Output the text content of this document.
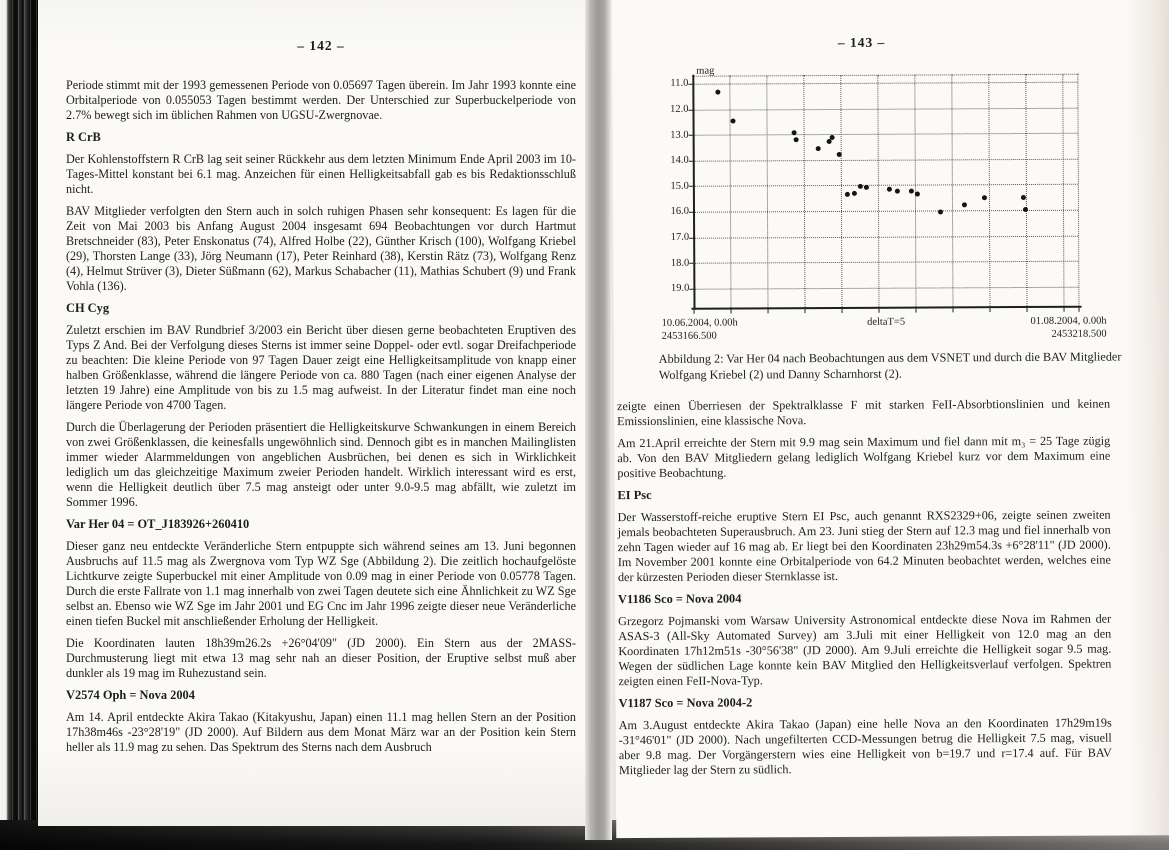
– 142 –

Periode stimmt mit der 1993 gemessenen Periode von 0.05697 Tagen überein. Im Jahr 1993 konnte eine Orbitalperiode von 0.055053 Tagen bestimmt werden. Der Unterschied zur Superbuckelperiode von 2.7% bewegt sich im üblichen Rahmen von UGSU-Zwergnovae.

R CrB

Der Kohlenstoffstern R CrB lag seit seiner Rückkehr aus dem letzten Minimum Ende April 2003 im 10-Tages-Mittel konstant bei 6.1 mag. Anzeichen für einen Helligkeitsabfall gab es bis Redaktionsschluß nicht.

BAV Mitglieder verfolgten den Stern auch in solch ruhigen Phasen sehr konsequent: Es lagen für die Zeit von Mai 2003 bis Anfang August 2004 insgesamt 694 Beobachtungen vor durch Hartmut Bretschneider (83), Peter Enskonatus (74), Alfred Holbe (22), Günther Krisch (100), Wolfgang Kriebel (29), Thorsten Lange (33), Jörg Neumann (17), Peter Reinhard (38), Kerstin Rätz (73), Wolfgang Renz (4), Helmut Strüver (3), Dieter Süßmann (62), Markus Schabacher (11), Mathias Schubert (9) und Frank Vohla (136).

CH Cyg

Zuletzt erschien im BAV Rundbrief 3/2003 ein Bericht über diesen gerne beobachteten Eruptiven des Typs Z And. Bei der Verfolgung dieses Sterns ist immer seine Doppel- oder evtl. sogar Dreifachperiode zu beachten: Die kleine Periode von 97 Tagen Dauer zeigt eine Helligkeitsamplitude von knapp einer halben Größenklasse, während die längere Periode von ca. 880 Tagen (nach einer eigenen Analyse der letzten 19 Jahre) eine Amplitude von bis zu 1.5 mag aufweist. In der Literatur findet man eine noch längere Periode von 4700 Tagen.

Durch die Überlagerung der Perioden präsentiert die Helligkeitskurve Schwankungen in einem Bereich von zwei Größenklassen, die keinesfalls ungewöhnlich sind. Dennoch gibt es in manchen Mailinglisten immer wieder Alarmmeldungen von angeblichen Ausbrüchen, bei denen es sich in Wirklichkeit lediglich um das gleichzeitige Maximum zweier Perioden handelt. Wirklich interessant wird es erst, wenn die Helligkeit deutlich über 7.5 mag ansteigt oder unter 9.0-9.5 mag abfällt, wie zuletzt im Sommer 1996.

Var Her 04 = OT_J183926+260410

Dieser ganz neu entdeckte Veränderliche Stern entpuppte sich während seines am 13. Juni begonnen Ausbruchs auf 11.5 mag als Zwergnova vom Typ WZ Sge (Abbildung 2). Die zeitlich hochaufgelöste Lichtkurve zeigte Superbuckel mit einer Amplitude von 0.09 mag in einer Periode von 0.05778 Tagen. Durch die erste Fallrate von 1.1 mag innerhalb von zwei Tagen deutete sich eine Ähnlichkeit zu WZ Sge selbst an. Ebenso wie WZ Sge im Jahr 2001 und EG Cnc im Jahr 1996 zeigte dieser neue Veränderliche einen tiefen Buckel mit anschließender Erholung der Helligkeit.

Die Koordinaten lauten 18h39m26.2s +26°04'09" (JD 2000). Ein Stern aus der 2MASS-Durchmusterung liegt mit etwa 13 mag sehr nah an dieser Position, der Eruptive selbst muß aber dunkler als 19 mag im Ruhezustand sein.

V2574 Oph = Nova 2004

Am 14. April entdeckte Akira Takao (Kitakyushu, Japan) einen 11.1 mag hellen Stern an der Position 17h38m46s -23°28'19" (JD 2000). Auf Bildern aus dem Monat März war an der Position kein Stern heller als 11.9 mag zu sehen. Das Spektrum des Sterns nach dem Ausbruch

– 143 –
mag
10.06.2004, 0.00h
2453166.500
deltaT=5	01.08.2004, 0.00h
2453218.500
11.0
12.0
13.0
14.0
15.0
16.0
17.0
18.0
19.0
Abbildung 2: Var Her 04 nach Beobachtungen aus dem VSNET und durch die BAV Mitglieder Wolfgang Kriebel (2) und Danny Scharnhorst (2).

zeigte einen Überriesen der Spektralklasse F mit starken FeII-Absorbtionslinien und keinen Emissionslinien, eine klassische Nova.

Am 21.April erreichte der Stern mit 9.9 mag sein Maximum und fiel dann mit m₃ = 25 Tage zügig ab. Von den BAV Mitgliedern gelang lediglich Wolfgang Kriebel kurz vor dem Maximum eine positive Beobachtung.

EI Psc

Der Wasserstoff-reiche eruptive Stern EI Psc, auch genannt RXS2329+06, zeigte seinen zweiten jemals beobachteten Superausbruch. Am 23. Juni stieg der Stern auf 12.3 mag und fiel innerhalb von zehn Tagen wieder auf 16 mag ab. Er liegt bei den Koordinaten 23h29m54.3s +6°28'11" (JD 2000). Im November 2001 konnte eine Orbitalperiode von 64.2 Minuten beobachtet werden, welches eine der kürzesten Perioden dieser Sternklasse ist.

V1186 Sco = Nova 2004

Grzegorz Pojmanski vom Warsaw University Astronomical entdeckte diese Nova im Rahmen der ASAS-3 (All-Sky Automated Survey) am 3.Juli mit einer Helligkeit von 12.0 mag an den Koordinaten 17h12m51s -30°56'38" (JD 2000). Am 9.Juli erreichte die Helligkeit sogar 9.5 mag. Wegen der südlichen Lage konnte kein BAV Mitglied den Helligkeitsverlauf verfolgen. Spektren zeigten einen FeII-Nova-Typ.

V1187 Sco = Nova 2004-2

Am 3.August entdeckte Akira Takao (Japan) eine helle Nova an den Koordinaten 17h29m19s -31°46'01" (JD 2000). Nach ungefilterten CCD-Messungen betrug die Helligkeit 7.5 mag, visuell aber 9.8 mag. Der Vorgängerstern wies eine Helligkeit von b=19.7 und r=17.4 auf. Für BAV Mitglieder lag der Stern zu südlich.
